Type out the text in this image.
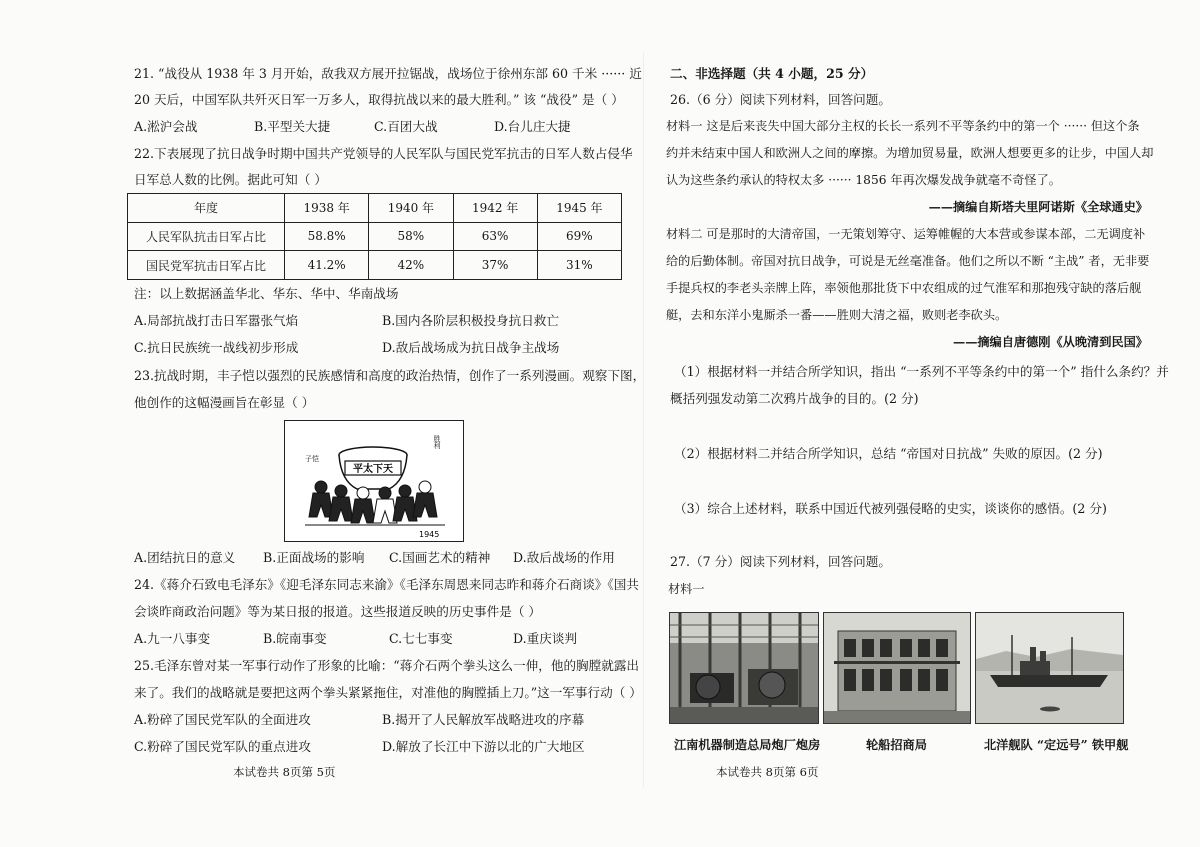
21. “战役从 1938 年 3 月开始，敌我双方展开拉锯战，战场位于徐州东部 60 千米 ······ 近
20 天后，中国军队共歼灭日军一万多人，取得抗战以来的最大胜利。” 该 “战役” 是（ ）
A.淞沪会战	B.平型关大捷	C.百团大战	D.台儿庄大捷
22.下表展现了抗日战争时期中国共产党领导的人民军队与国民党军抗击的日军人数占侵华
日军总人数的比例。据此可知（ ）
年度	1938 年	1940 年	1942 年	1945 年
人民军队抗击日军占比	58.8%	58%	63%	69%
国民党军抗击日军占比	41.2%	42%	37%	31%
注：以上数据涵盖华北、华东、华中、华南战场
A.局部抗战打击日军嚣张气焰	B.国内各阶层积极投身抗日救亡
C.抗日民族统一战线初步形成	D.敌后战场成为抗日战争主战场
23.抗战时期，丰子恺以强烈的民族感情和高度的政治热情，创作了一系列漫画。观察下图，
他创作的这幅漫画旨在彰显（ ）
平太下天
子恺
胜利
1945
A.团结抗日的意义 B.正面战场的影响 C.国画艺术的精神 D.敌后战场的作用
24.《蒋介石致电毛泽东》《迎毛泽东同志来渝》《毛泽东周恩来同志昨和蒋介石商谈》《国共
会谈昨商政治问题》等为某日报的报道。这些报道反映的历史事件是（ ）
A.九一八事变	B.皖南事变	C.七七事变	D.重庆谈判
25.毛泽东曾对某一军事行动作了形象的比喻：“蒋介石两个拳头这么一伸，他的胸膛就露出
来了。我们的战略就是要把这两个拳头紧紧拖住，对准他的胸膛插上刀。”这一军事行动（ ）
A.粉碎了国民党军队的全面进攻	B.揭开了人民解放军战略进攻的序幕
C.粉碎了国民党军队的重点进攻	D.解放了长江中下游以北的广大地区
本试卷共 8页第 5页
二、非选择题（共 4 小题，25 分）
26.（6 分）阅读下列材料，回答问题。
材料一 这是后来丧失中国大部分主权的长长一系列不平等条约中的第一个 ······ 但这个条
约并未结束中国人和欧洲人之间的摩擦。为增加贸易量，欧洲人想要更多的让步，中国人却
认为这些条约承认的特权太多 ······ 1856 年再次爆发战争就毫不奇怪了。
——摘编自斯塔夫里阿诺斯《全球通史》
材料二 可是那时的大清帝国，一无策划筹守、运筹帷幄的大本营或参谋本部，二无调度补
给的后勤体制。帝国对抗日战争，可说是无丝毫准备。他们之所以不断 “主战” 者，无非要
手提兵权的李老头亲牌上阵，率领他那批货下中农组成的过气淮军和那抱残守缺的落后舰
艇，去和东洋小鬼厮杀一番——胜则大清之福，败则老李砍头。
——摘编自唐德刚《从晚清到民国》
（1）根据材料一并结合所学知识，指出 “一系列不平等条约中的第一个” 指什么条约？并
概括列强发动第二次鸦片战争的目的。(2 分)
（2）根据材料二并结合所学知识，总结 “帝国对日抗战” 失败的原因。(2 分)
（3）综合上述材料，联系中国近代被列强侵略的史实，谈谈你的感悟。(2 分)
27.（7 分）阅读下列材料，回答问题。
材料一
江南机器制造总局炮厂炮房	轮船招商局	北洋舰队 “定远号” 铁甲舰
本试卷共 8页第 6页
